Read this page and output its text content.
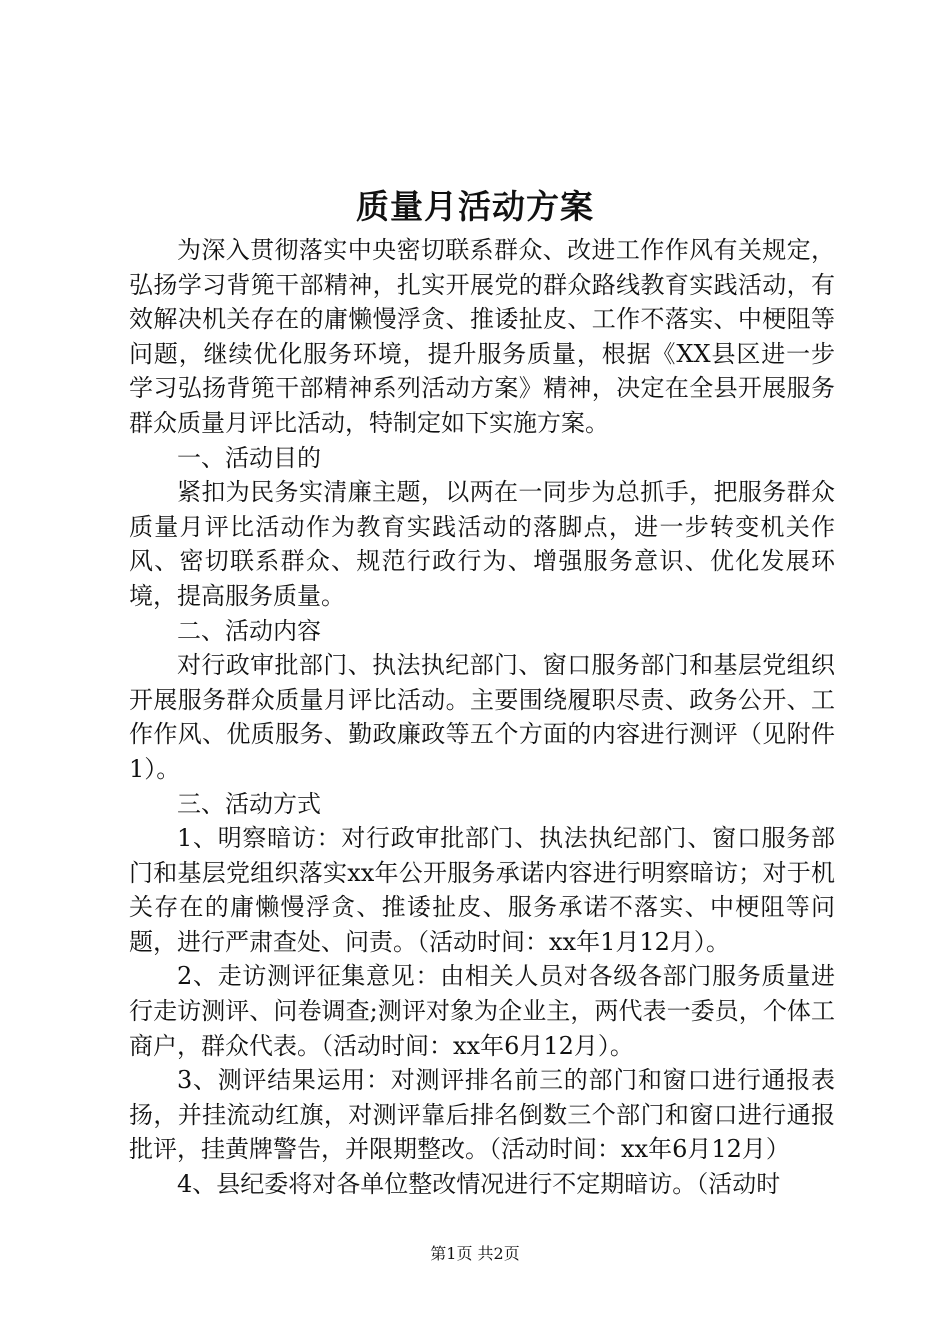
质量月活动方案

为深入贯彻落实中央密切联系群众、改进工作作风有关规定，弘扬学习背篼干部精神，扎实开展党的群众路线教育实践活动，有效解决机关存在的庸懒慢浮贪、推诿扯皮、工作不落实、中梗阻等问题，继续优化服务环境，提升服务质量，根据《XX县区进一步学习弘扬背篼干部精神系列活动方案》精神，决定在全县开展服务群众质量月评比活动，特制定如下实施方案。

一、活动目的

紧扣为民务实清廉主题，以两在一同步为总抓手，把服务群众质量月评比活动作为教育实践活动的落脚点，进一步转变机关作风、密切联系群众、规范行政行为、增强服务意识、优化发展环境，提高服务质量。

二、活动内容

对行政审批部门、执法执纪部门、窗口服务部门和基层党组织开展服务群众质量月评比活动。主要围绕履职尽责、政务公开、工作作风、优质服务、勤政廉政等五个方面的内容进行测评（见附件1）。

三、活动方式

1、明察暗访：对行政审批部门、执法执纪部门、窗口服务部门和基层党组织落实xx年公开服务承诺内容进行明察暗访；对于机关存在的庸懒慢浮贪、推诿扯皮、服务承诺不落实、中梗阻等问题，进行严肃查处、问责。（活动时间：xx年1月12月）。

2、走访测评征集意见：由相关人员对各级各部门服务质量进行走访测评、问卷调查;测评对象为企业主，两代表一委员，个体工商户，群众代表。（活动时间：xx年6月12月）。

3、测评结果运用：对测评排名前三的部门和窗口进行通报表扬，并挂流动红旗，对测评靠后排名倒数三个部门和窗口进行通报批评，挂黄牌警告，并限期整改。（活动时间：xx年6月12月）

4、县纪委将对各单位整改情况进行不定期暗访。（活动时

第1页 共2页
